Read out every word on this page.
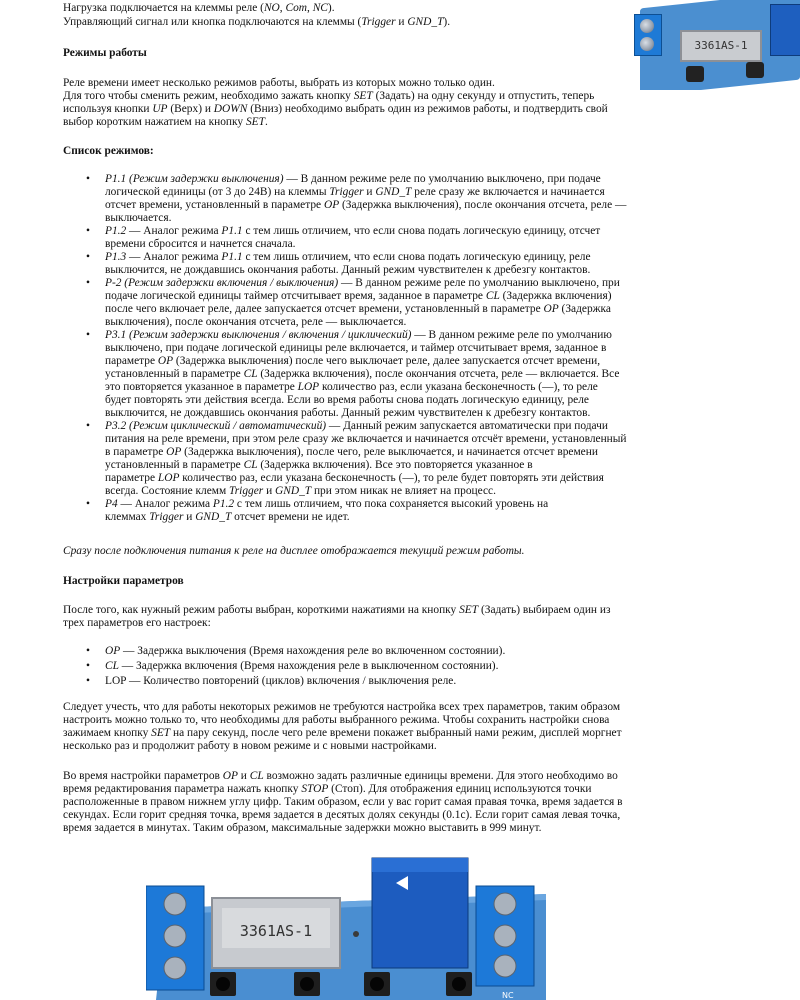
Нагрузка подключается на клеммы реле (NO, Com, NC).

Управляющий сигнал или кнопка подключаются на клеммы (Trigger и GND_T).

Режимы работы

Реле времени имеет несколько режимов работы, выбрать из которых можно только один.

Для того чтобы сменить режим, необходимо зажать кнопку SET (Задать) на одну секунду и отпустить, теперь

используя кнопки UP (Верх) и DOWN (Вниз) необходимо выбрать один из режимов работы, и подтвердить свой

выбор коротким нажатием на кнопку SET.

Список режимов:

• P1.1 (Режим задержки выключения) — В данном режиме реле по умолчанию выключено, при подаче

логической единицы (от 3 до 24В) на клеммы Trigger и GND_T реле сразу же включается и начинается

отсчет времени, установленный в параметре OP (Задержка выключения), после окончания отсчета, реле —

выключается.

• P1.2 — Аналог режима P1.1 с тем лишь отличием, что если снова подать логическую единицу, отсчет

времени сбросится и начнется сначала.

• P1.3 — Аналог режима P1.1 с тем лишь отличием, что если снова подать логическую единицу, реле

выключится, не дождавшись окончания работы. Данный режим чувствителен к дребезгу контактов.

• P-2 (Режим задержки включения / выключения) — В данном режиме реле по умолчанию выключено, при

подаче логической единицы таймер отсчитывает время, заданное в параметре CL (Задержка включения)

после чего включает реле, далее запускается отсчет времени, установленный в параметре OP (Задержка

выключения), после окончания отсчета, реле — выключается.

• P3.1 (Режим задержки выключения / включения / циклический) — В данном режиме реле по умолчанию

выключено, при подаче логической единицы реле включается, и таймер отсчитывает время, заданное в

параметре OP (Задержка выключения) после чего выключает реле, далее запускается отсчет времени,

установленный в параметре CL (Задержка включения), после окончания отсчета, реле — включается. Все

это повторяется указанное в параметре LOP количество раз, если указана бесконечность (—), то реле

будет повторять эти действия всегда. Если во время работы снова подать логическую единицу, реле

выключится, не дождавшись окончания работы. Данный режим чувствителен к дребезгу контактов.

• P3.2 (Режим циклический / автоматический) — Данный режим запускается автоматически при подачи

питания на реле времени, при этом реле сразу же включается и начинается отсчёт времени, установленный

в параметре OP (Задержка выключения), после чего, реле выключается, и начинается отсчет времени

установленный в параметре CL (Задержка включения). Все это повторяется указанное в

параметре LOP количество раз, если указана бесконечность (—), то реле будет повторять эти действия

всегда. Состояние клемм Trigger и GND_T при этом никак не влияет на процесс.

• P4 — Аналог режима P1.2 с тем лишь отличием, что пока сохраняется высокий уровень на

клеммах Trigger и GND_T отсчет времени не идет.

Сразу после подключения питания к реле на дисплее отображается текущий режим работы.

Настройки параметров

После того, как нужный режим работы выбран, короткими нажатиями на кнопку SET (Задать) выбираем один из

трех параметров его настроек:

• OP — Задержка выключения (Время нахождения реле во включенном состоянии).

• CL — Задержка включения (Время нахождения реле в выключенном состоянии).

• LOP — Количество повторений (циклов) включения / выключения реле.

Следует учесть, что для работы некоторых режимов не требуются настройка всех трех параметров, таким образом

настроить можно только то, что необходимы для работы выбранного режима. Чтобы сохранить настройки снова

зажимаем кнопку SET на пару секунд, после чего реле времени покажет выбранный нами режим, дисплей моргнет

несколько раз и продолжит работу в новом режиме и с новыми настройками.

Во время настройки параметров OP и CL возможно задать различные единицы времени. Для этого необходимо во

время редактирования параметра нажать кнопку STOP (Стоп). Для отображения единиц используются точки

расположенные в правом нижнем углу цифр. Таким образом, если у вас горит самая правая точка, время задается в

секундах. Если горит средняя точка, время задается в десятых долях секунды (0.1с). Если горит самая левая точка,

время задается в минутах. Таким образом, максимальные задержки можно выставить в 999 минут.

3361AS-1
3361AS-1
NC
